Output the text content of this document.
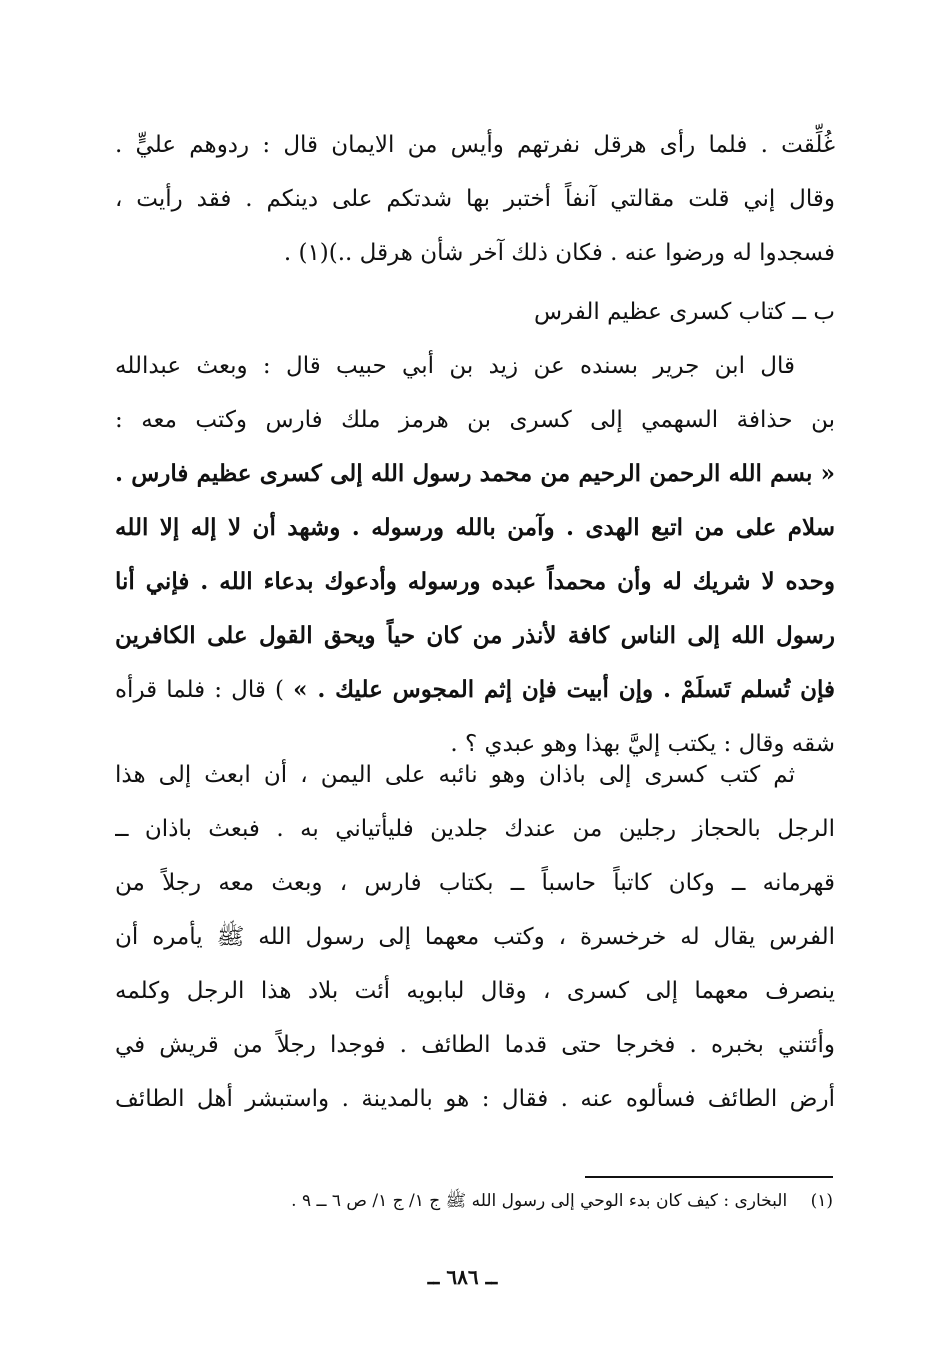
غُلِّقت . فلما رأى هرقل نفرتهم وأيس من الايمان قال : ردوهم عليٍّ .
وقال إني قلت مقالتي آنفاً أختبر بها شدتكم على دينكم . فقد رأيت ،
فسجدوا له ورضوا عنه . فكان ذلك آخر شأن هرقل ..)(١) .
ب ــ كتاب كسرى عظيم الفرس
قال ابن جرير بسنده عن زيد بن أبي حبيب قال : وبعث عبدالله
بن حذافة السهمي إلى كسرى بن هرمز ملك فارس وكتب معه :
« بسم الله الرحمن الرحيم من محمد رسول الله إلى كسرى عظيم فارس .
سلام على من اتبع الهدى . وآمن بالله ورسوله . وشهد أن لا إله إلا الله
وحده لا شريك له وأن محمداً عبده ورسوله وأدعوك بدعاء الله . فإني أنا
رسول الله إلى الناس كافة لأنذر من كان حياً ويحق القول على الكافرين
فإن تُسلم تَسلَمْ . وإن أبيت فإن إثم المجوس عليك . » ) قال : فلما قرأه
شقه وقال : يكتب إليَّ بهذا وهو عبدي ؟ .
ثم كتب كسرى إلى باذان وهو نائبه على اليمن ، أن ابعث إلى هذا
الرجل بالحجاز رجلين من عندك جلدين فليأتياني به . فبعث باذان ــ
قهرمانه ــ وكان كاتباً حاسباً ــ بكتاب فارس ، وبعث معه رجلاً من
الفرس يقال له خرخسرة ، وكتب معهما إلى رسول الله ﷺ يأمره أن
ينصرف معهما إلى كسرى ، وقال لبابويه أئت بلاد هذا الرجل وكلمه
وأئتني بخبره . فخرجا حتى قدما الطائف . فوجدا رجلاً من قريش في
أرض الطائف فسألوه عنه . فقال : هو بالمدينة . واستبشر أهل الطائف
(١) البخارى : كيف كان بدء الوحي إلى رسول الله ﷺ ج ١/ ج ١/ ص ٦ ــ ٩ .
ــ ٦٨٦ ــ
